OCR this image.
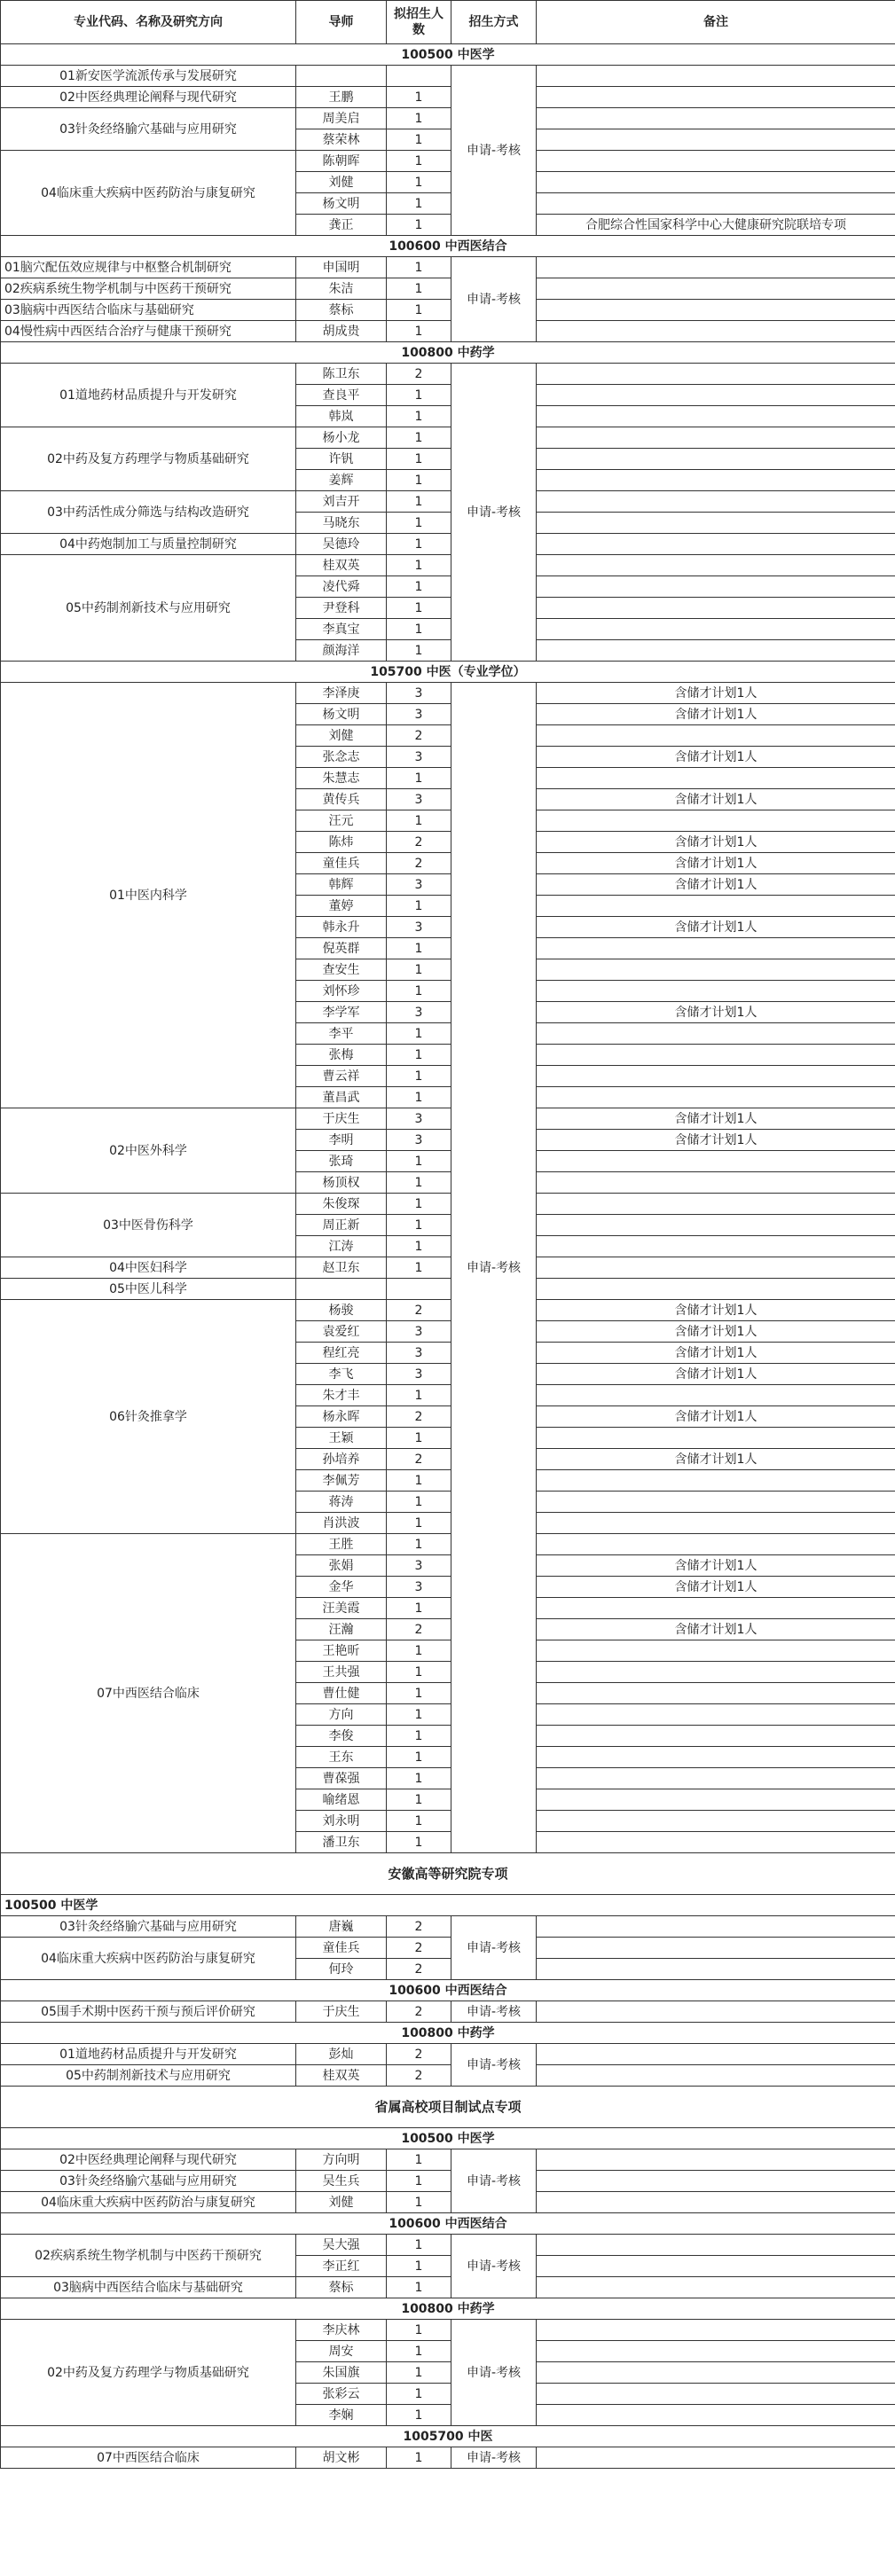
专业代码、名称及研究方向	导师	拟招生人数	招生方式	备注
100500 中医学				
01新安医学流派传承与发展研究			申请-考核	
02中医经典理论阐释与现代研究	王鹏	1		
03针灸经络腧穴基础与应用研究	周美启	1		
	蔡荣林	1		
04临床重大疾病中医药防治与康复研究	陈朝晖	1		
	刘健	1		
	杨文明	1		
	龚正	1		合肥综合性国家科学中心大健康研究院联培专项
100600 中西医结合				
01脑穴配伍效应规律与中枢整合机制研究	申国明	1	申请-考核	
02疾病系统生物学机制与中医药干预研究	朱洁	1		
03脑病中西医结合临床与基础研究	蔡标	1		
04慢性病中西医结合治疗与健康干预研究	胡成贵	1		
100800 中药学				
01道地药材品质提升与开发研究	陈卫东	2	申请-考核	
	查良平	1		
	韩岚	1		
02中药及复方药理学与物质基础研究	杨小龙	1		
	许钒	1		
	姜辉	1		
03中药活性成分筛选与结构改造研究	刘吉开	1		
	马晓东	1		
04中药炮制加工与质量控制研究	吴德玲	1		
05中药制剂新技术与应用研究	桂双英	1		
	凌代舜	1		
	尹登科	1		
	李真宝	1		
	颜海洋	1		
105700 中医（专业学位）				
01中医内科学	李泽庚	3	申请-考核	含储才计划1人
	杨文明	3		含储才计划1人
	刘健	2		
	张念志	3		含储才计划1人
	朱慧志	1		
	黄传兵	3		含储才计划1人
	汪元	1		
	陈炜	2		含储才计划1人
	童佳兵	2		含储才计划1人
	韩辉	3		含储才计划1人
	董婷	1		
	韩永升	3		含储才计划1人
	倪英群	1		
	查安生	1		
	刘怀珍	1		
	李学军	3		含储才计划1人
	李平	1		
	张梅	1		
	曹云祥	1		
	董昌武	1		
02中医外科学	于庆生	3		含储才计划1人
	李明	3		含储才计划1人
	张琦	1		
	杨顶权	1		
03中医骨伤科学	朱俊琛	1		
	周正新	1		
	江涛	1		
04中医妇科学	赵卫东	1		
05中医儿科学				
06针灸推拿学	杨骏	2		含储才计划1人
	袁爱红	3		含储才计划1人
	程红亮	3		含储才计划1人
	李飞	3		含储才计划1人
	朱才丰	1		
	杨永晖	2		含储才计划1人
	王颖	1		
	孙培养	2		含储才计划1人
	李佩芳	1		
	蒋涛	1		
	肖洪波	1		
07中西医结合临床	王胜	1		
	张娟	3		含储才计划1人
	金华	3		含储才计划1人
	汪美霞	1		
	汪瀚	2		含储才计划1人
	王艳昕	1		
	王共强	1		
	曹仕健	1		
	方向	1		
	李俊	1		
	王东	1		
	曹葆强	1		
	喻绪恩	1		
	刘永明	1		
	潘卫东	1		
安徽高等研究院专项				
100500 中医学				
03针灸经络腧穴基础与应用研究	唐巍	2	申请-考核	
04临床重大疾病中医药防治与康复研究	童佳兵	2		
	何玲	2		
100600 中西医结合				
05围手术期中医药干预与预后评价研究	于庆生	2	申请-考核	
100800 中药学				
01道地药材品质提升与开发研究	彭灿	2	申请-考核	
05中药制剂新技术与应用研究	桂双英	2		
省属高校项目制试点专项				
100500 中医学				
02中医经典理论阐释与现代研究	方向明	1	申请-考核	
03针灸经络腧穴基础与应用研究	吴生兵	1		
04临床重大疾病中医药防治与康复研究	刘健	1		
100600 中西医结合				
02疾病系统生物学机制与中医药干预研究	吴大强	1	申请-考核	
	李正红	1		
03脑病中西医结合临床与基础研究	蔡标	1		
100800 中药学				
02中药及复方药理学与物质基础研究	李庆林	1	申请-考核	
	周安	1		
	朱国旗	1		
	张彩云	1		
	李娴	1		
1005700 中医				
07中西医结合临床	胡文彬	1	申请-考核	
